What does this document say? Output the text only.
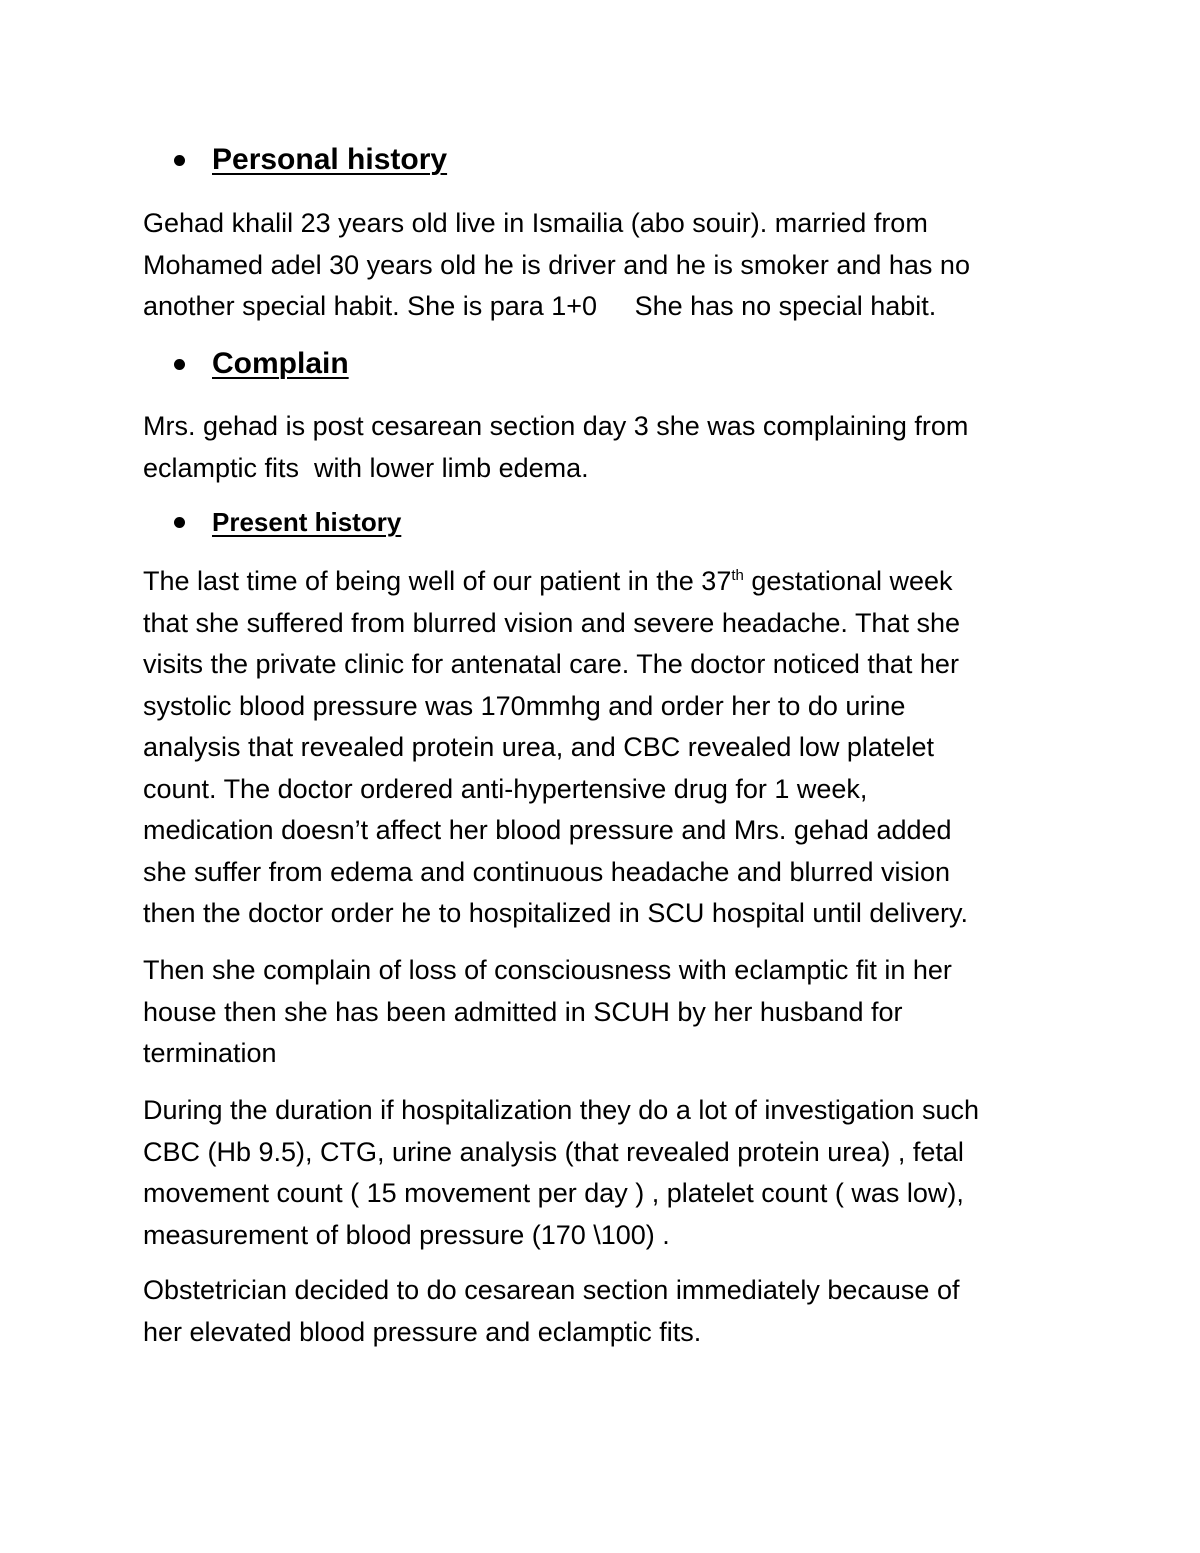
Personal history

Gehad khalil 23 years old live in Ismailia (abo souir). married from
Mohamed adel 30 years old he is driver and he is smoker and has no
another special habit. She is para 1+0     She has no special habit.

Complain

Mrs. gehad is post cesarean section day 3 she was complaining from
eclamptic fits  with lower limb edema.

Present history

The last time of being well of our patient in the 37th gestational week
that she suffered from blurred vision and severe headache. That she
visits the private clinic for antenatal care. The doctor noticed that her
systolic blood pressure was 170mmhg and order her to do urine
analysis that revealed protein urea, and CBC revealed low platelet
count. The doctor ordered anti-hypertensive drug for 1 week,
medication doesn’t affect her blood pressure and Mrs. gehad added
she suffer from edema and continuous headache and blurred vision
then the doctor order he to hospitalized in SCU hospital until delivery.

Then she complain of loss of consciousness with eclamptic fit in her
house then she has been admitted in SCUH by her husband for
termination

During the duration if hospitalization they do a lot of investigation such
CBC (Hb 9.5), CTG, urine analysis (that revealed protein urea) , fetal
movement count ( 15 movement per day ) , platelet count ( was low),
measurement of blood pressure (170 \100) .

Obstetrician decided to do cesarean section immediately because of
her elevated blood pressure and eclamptic fits.
